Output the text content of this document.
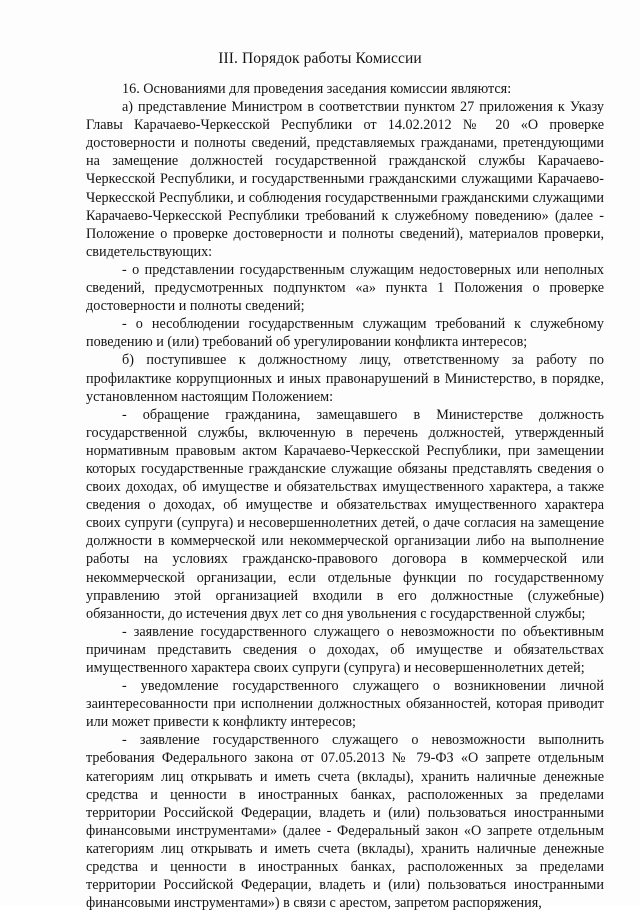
III. Порядок работы Комиссии

16. Основаниями для проведения заседания комиссии являются:

а) представление Министром в соответствии пунктом 27 приложения к Указу Главы Карачаево-Черкесской Республики от 14.02.2012 № 20 «О проверке достоверности и полноты сведений, представляемых гражданами, претендующими на замещение должностей государственной гражданской службы Карачаево-Черкесской Республики, и государственными гражданскими служащими Карачаево-Черкесской Республики, и соблюдения государственными гражданскими служащими Карачаево-Черкесской Республики требований к служебному поведению» (далее - Положение о проверке достоверности и полноты сведений), материалов проверки, свидетельствующих:

- о представлении государственным служащим недостоверных или неполных сведений, предусмотренных подпунктом «а» пункта 1 Положения о проверке достоверности и полноты сведений;

- о несоблюдении государственным служащим требований к служебному поведению и (или) требований об урегулировании конфликта интересов;

б) поступившее к должностному лицу, ответственному за работу по профилактике коррупционных и иных правонарушений в Министерство, в порядке, установленном настоящим Положением:

- обращение гражданина, замещавшего в Министерстве должность государственной службы, включенную в перечень должностей, утвержденный нормативным правовым актом Карачаево-Черкесской Республики, при замещении которых государственные гражданские служащие обязаны представлять сведения о своих доходах, об имуществе и обязательствах имущественного характера, а также сведения о доходах, об имуществе и обязательствах имущественного характера своих супруги (супруга) и несовершеннолетних детей, о даче согласия на замещение должности в коммерческой или некоммерческой организации либо на выполнение работы на условиях гражданско-правового договора в коммерческой или некоммерческой организации, если отдельные функции по государственному управлению этой организацией входили в его должностные (служебные) обязанности, до истечения двух лет со дня увольнения с государственной службы;

- заявление государственного служащего о невозможности по объективным причинам представить сведения о доходах, об имуществе и обязательствах имущественного характера своих супруги (супруга) и несовершеннолетних детей;

- уведомление государственного служащего о возникновении личной заинтересованности при исполнении должностных обязанностей, которая приводит или может привести к конфликту интересов;

- заявление государственного служащего о невозможности выполнить требования Федерального закона от 07.05.2013 № 79-ФЗ «О запрете отдельным категориям лиц открывать и иметь счета (вклады), хранить наличные денежные средства и ценности в иностранных банках, расположенных за пределами территории Российской Федерации, владеть и (или) пользоваться иностранными финансовыми инструментами» (далее - Федеральный закон «О запрете отдельным категориям лиц открывать и иметь счета (вклады), хранить наличные денежные средства и ценности в иностранных банках, расположенных за пределами территории Российской Федерации, владеть и (или) пользоваться иностранными финансовыми инструментами») в связи с арестом, запретом распоряжения,
